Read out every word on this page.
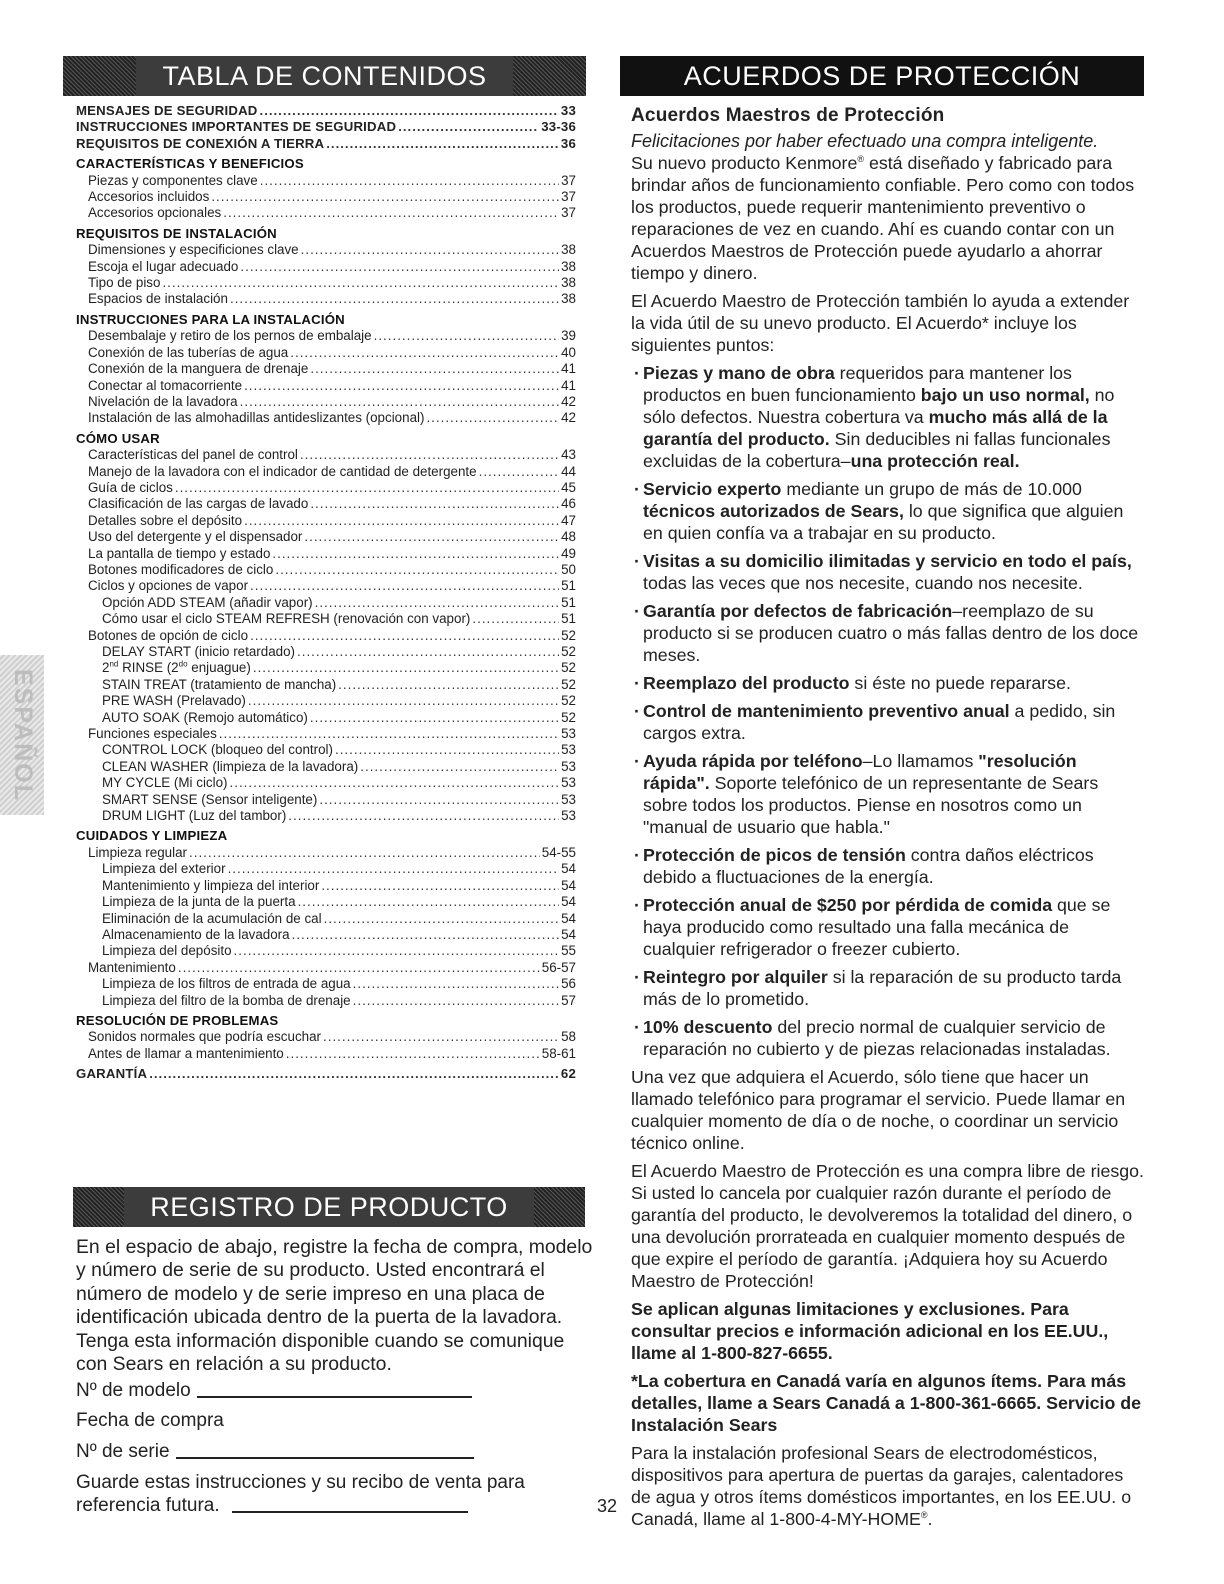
TABLA DE CONTENIDOS
MENSAJES DE SEGURIDAD .....	33
INSTRUCCIONES IMPORTANTES DE SEGURIDAD .....	33-36
REQUISITOS DE CONEXIÓN A TIERRA .....	36
CARACTERÍSTICAS Y BENEFICIOS
Piezas y componentes clave .....	37
Accesorios incluidos .....	37
Accesorios opcionales .....	37
REQUISITOS DE INSTALACIÓN
Dimensiones y especificiones clave .....	38
Escoja el lugar adecuado .....	38
Tipo de piso .....	38
Espacios de instalación .....	38
INSTRUCCIONES PARA LA INSTALACIÓN
Desembalaje y retiro de los pernos de embalaje .....	39
Conexión de las tuberías de agua .....	40
Conexión de la manguera de drenaje .....	41
Conectar al tomacorriente .....	41
Nivelación de la lavadora .....	42
Instalación de las almohadillas antideslizantes (opcional) .....	42
CÓMO USAR
Características del panel de control .....	43
Manejo de la lavadora con el indicador de cantidad de detergente .....	44
Guía de ciclos .....	45
Clasificación de las cargas de lavado .....	46
Detalles sobre el depósito .....	47
Uso del detergente y el dispensador .....	48
La pantalla de tiempo y estado .....	49
Botones modificadores de ciclo .....	50
Ciclos y opciones de vapor .....	51
Opción ADD STEAM (añadir vapor) .....	51
Cómo usar el ciclo STEAM REFRESH (renovación con vapor) .....	51
Botones de opción de ciclo .....	52
DELAY START (inicio retardado) .....	52
2nd RINSE ($2^{do}$ enjuague) .....	52
STAIN TREAT (tratamiento de mancha) .....	52
PRE WASH (Prelavado) .....	52
AUTO SOAK (Remojo automático) .....	52
Funciones especiales .....	53
CONTROL LOCK (bloqueo del control) .....	53
CLEAN WASHER (limpieza de la lavadora) .....	53
MY CYCLE (Mi ciclo) .....	53
SMART SENSE (Sensor inteligente) .....	53
DRUM LIGHT (Luz del tambor) .....	53
CUIDADOS Y LIMPIEZA
Limpieza regular .....	54-55
Limpieza del exterior .....	54
Mantenimiento y limpieza del interior .....	54
Limpieza de la junta de la puerta .....	54
Eliminación de la acumulación de cal .....	54
Almacenamiento de la lavadora .....	54
Limpieza del depósito .....	55
Mantenimiento .....	56-57
Limpieza de los filtros de entrada de agua .....	56
Limpieza del filtro de la bomba de drenaje .....	57
RESOLUCIÓN DE PROBLEMAS
Sonidos normales que podría escuchar .....	58
Antes de llamar a mantenimiento .....	58-61
GARANTÍA .....	62
REGISTRO DE PRODUCTO

En el espacio de abajo, registre la fecha de compra, modelo y número de serie de su producto. Usted encontrará el número de modelo y de serie impreso en una placa de identificación ubicada dentro de la puerta de la lavadora. Tenga esta información disponible cuando se comunique con Sears en relación a su producto.

Nº de modelo
Fecha de compra
Nº de serie
Guarde estas instrucciones y su recibo de venta para
referencia futura.
ESPAÑOL
32
ACUERDOS DE PROTECCIÓN
Acuerdos Maestros de Protección

Felicitaciones por haber efectuado una compra inteligente.

Su nuevo producto Kenmore® está diseñado y fabricado para brindar años de funcionamiento confiable. Pero como con todos los productos, puede requerir mantenimiento preventivo o reparaciones de vez en cuando. Ahí es cuando contar con un Acuerdos Maestros de Protección puede ayudarlo a ahorrar tiempo y dinero.

El Acuerdo Maestro de Protección también lo ayuda a extender la vida útil de su unevo producto. El Acuerdo* incluye los siguientes puntos:

· Piezas y mano de obra requeridos para mantener los productos en buen funcionamiento bajo un uso normal, no sólo defectos. Nuestra cobertura va mucho más allá de la garantía del producto. Sin deducibles ni fallas funcionales excluidas de la cobertura–una protección real.
· Servicio experto mediante un grupo de más de 10.000 técnicos autorizados de Sears, lo que significa que alguien en quien confía va a trabajar en su producto.
· Visitas a su domicilio ilimitadas y servicio en todo el país, todas las veces que nos necesite, cuando nos necesite.
· Garantía por defectos de fabricación–reemplazo de su producto si se producen cuatro o más fallas dentro de los doce meses.
· Reemplazo del producto si éste no puede repararse.
· Control de mantenimiento preventivo anual a pedido, sin cargos extra.
· Ayuda rápida por teléfono–Lo llamamos "resolución rápida". Soporte telefónico de un representante de Sears sobre todos los productos. Piense en nosotros como un "manual de usuario que habla."
· Protección de picos de tensión contra daños eléctricos debido a fluctuaciones de la energía.
· Protección anual de $250 por pérdida de comida que se haya producido como resultado una falla mecánica de cualquier refrigerador o freezer cubierto.
· Reintegro por alquiler si la reparación de su producto tarda más de lo prometido.
· 10% descuento del precio normal de cualquier servicio de reparación no cubierto y de piezas relacionadas instaladas.

Una vez que adquiera el Acuerdo, sólo tiene que hacer un llamado telefónico para programar el servicio. Puede llamar en cualquier momento de día o de noche, o coordinar un servicio técnico online.

El Acuerdo Maestro de Protección es una compra libre de riesgo. Si usted lo cancela por cualquier razón durante el período de garantía del producto, le devolveremos la totalidad del dinero, o una devolución prorrateada en cualquier momento después de que expire el período de garantía. ¡Adquiera hoy su Acuerdo Maestro de Protección!

Se aplican algunas limitaciones y exclusiones. Para consultar precios e información adicional en los EE.UU., llame al 1-800-827-6655.

*La cobertura en Canadá varía en algunos ítems. Para más detalles, llame a Sears Canadá a 1-800-361-6665. Servicio de Instalación Sears

Para la instalación profesional Sears de electrodomésticos, dispositivos para apertura de puertas da garajes, calentadores de agua y otros ítems domésticos importantes, en los EE.UU. o Canadá, llame al 1-800-4-MY-HOME®.
